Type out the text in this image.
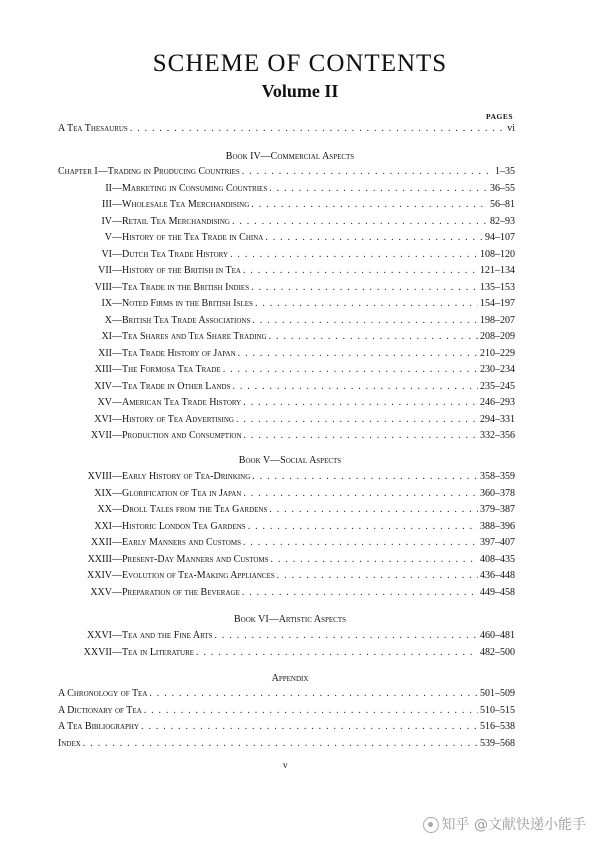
SCHEME OF CONTENTS
Volume II
PAGES
A Tea Thesaurus . . .	vi
Book IV—Commercial Aspects
Chapter I— Trading in Producing Countries . . .	1–35
II— Marketing in Consuming Countries . . .	36–55
III— Wholesale Tea Merchandising . . .	56–81
IV— Retail Tea Merchandising . . .	82–93
V— History of the Tea Trade in China . . .	94–107
VI— Dutch Tea Trade History . . .	108–120
VII— History of the British in Tea . . .	121–134
VIII— Tea Trade in the British Indies . . .	135–153
IX— Noted Firms in the British Isles . . .	154–197
X— British Tea Trade Associations . . .	198–207
XI— Tea Shares and Tea Share Trading . . .	208–209
XII— Tea Trade History of Japan . . .	210–229
XIII— The Formosa Tea Trade . . .	230–234
XIV— Tea Trade in Other Lands . . .	235–245
XV— American Tea Trade History . . .	246–293
XVI— History of Tea Advertising . . .	294–331
XVII— Production and Consumption . . .	332–356
Book V—Social Aspects
XVIII— Early History of Tea-Drinking . . .	358–359
XIX— Glorification of Tea in Japan . . .	360–378
XX— Droll Tales from the Tea Gardens . . .	379–387
XXI— Historic London Tea Gardens . . .	388–396
XXII— Early Manners and Customs . . .	397–407
XXIII— Present-Day Manners and Customs . . .	408–435
XXIV— Evolution of Tea-Making Appliances . . .	436–448
XXV— Preparation of the Beverage . . .	449–458
Book VI—Artistic Aspects
XXVI— Tea and the Fine Arts . . .	460–481
XXVII— Tea in Literature . . .	482–500
Appendix
A Chronology of Tea . . .	501–509
A Dictionary of Tea . . .	510–515
A Tea Bibliography . . .	516–538
Index . . .	539–568
v
知乎 @文献快递小能手
